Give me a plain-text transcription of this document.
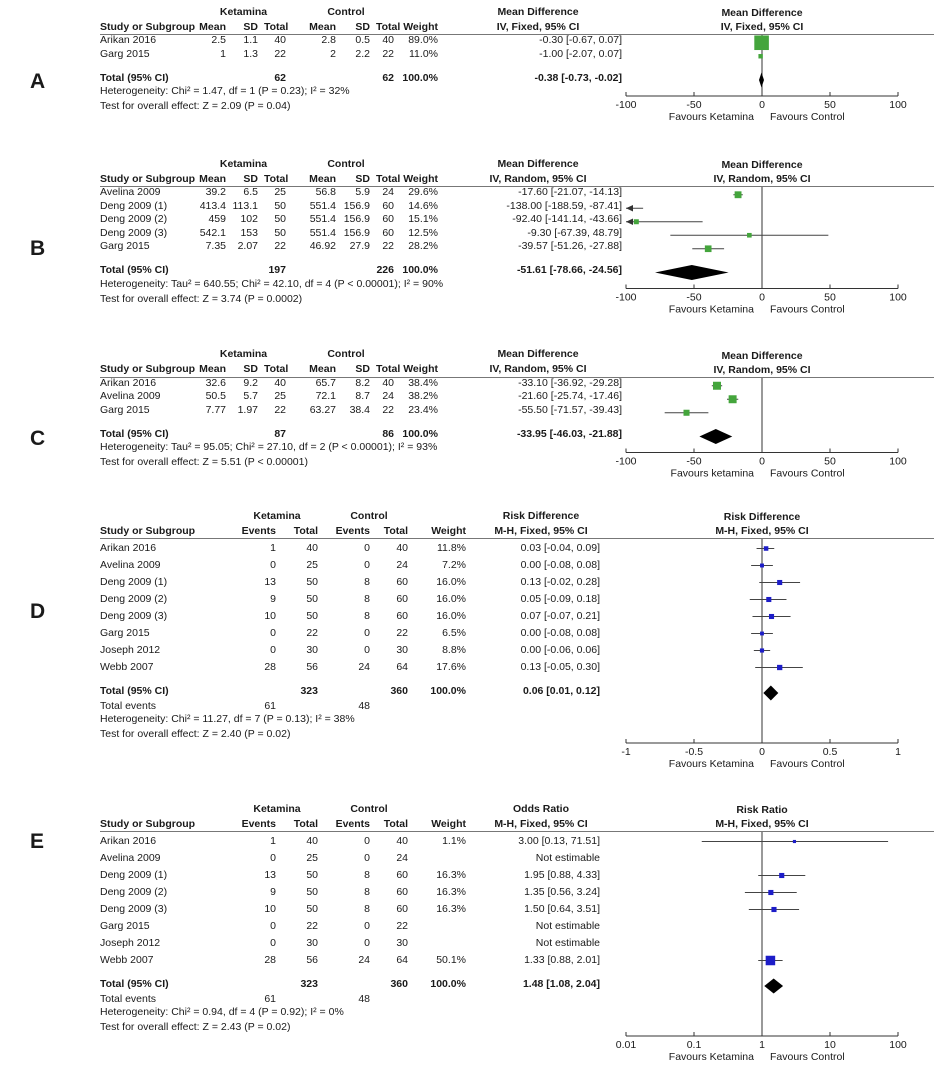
A
Ketamina	Control	Mean Difference
Study or Subgroup Mean	SD Total	Mean	SD Total Weight	IV, Fixed, 95% CI
Arikan 2016	2.5	1.1	40	2.8	0.5	40	89.0%	-0.30 [-0.67, 0.07]
Garg 2015	1	1.3	22	2	2.2	22	11.0%	-1.00 [-2.07, 0.07]
Total (95% CI)	62	62 100.0%	-0.38 [-0.73, -0.02]
Heterogeneity: Chi² = 1.47, df = 1 (P = 0.23); I² = 32%
Test for overall effect: Z = 2.09 (P = 0.04)
Mean Difference
IV, Fixed, 95% CI
-100	-50	0	50	100
Favours Ketamina Favours Control
B
Ketamina	Control	Mean Difference
Study or Subgroup Mean	SD Total	Mean	SD Total Weight	IV, Random, 95% CI
Avelina 2009	39.2	6.5	25	56.8	5.9	24	29.6%	-17.60 [-21.07, -14.13]
Deng 2009 (1)	413.4 113.1	50	551.4 156.9	60	14.6%	-138.00 [-188.59, -87.41]
Deng 2009 (2)	459	102	50	551.4 156.9	60	15.1%	-92.40 [-141.14, -43.66]
Deng 2009 (3)	542.1	153	50	551.4 156.9	60	12.5%	-9.30 [-67.39, 48.79]
Garg 2015	7.35	2.07	22	46.92	27.9	22	28.2%	-39.57 [-51.26, -27.88]
Total (95% CI)	197	226 100.0%	-51.61 [-78.66, -24.56]
Heterogeneity: Tau² = 640.55; Chi² = 42.10, df = 4 (P < 0.00001); I² = 90%
Test for overall effect: Z = 3.74 (P = 0.0002)
Mean Difference
IV, Random, 95% CI
-100	-50	0	50	100
Favours Ketamina Favours Control
C
Ketamina	Control	Mean Difference
Study or Subgroup Mean	SD Total	Mean	SD Total Weight	IV, Random, 95% CI
Arikan 2016	32.6	9.2	40	65.7	8.2	40	38.4%	-33.10 [-36.92, -29.28]
Avelina 2009	50.5	5.7	25	72.1	8.7	24	38.2%	-21.60 [-25.74, -17.46]
Garg 2015	7.77	1.97	22	63.27	38.4	22	23.4%	-55.50 [-71.57, -39.43]
Total (95% CI)	87	86 100.0%	-33.95 [-46.03, -21.88]
Heterogeneity: Tau² = 95.05; Chi² = 27.10, df = 2 (P < 0.00001); I² = 93%
Test for overall effect: Z = 5.51 (P < 0.00001)
Mean Difference
IV, Random, 95% CI
-100	-50	0	50	100
Favours ketamina Favours Control
D
Ketamina	Control	Risk Difference
Study or Subgroup	Events	Total	Events	Total	Weight	M-H, Fixed, 95% CI
Arikan 2016	1	40	0	40	11.8%	0.03 [-0.04, 0.09]
Avelina 2009	0	25	0	24	7.2%	0.00 [-0.08, 0.08]
Deng 2009 (1)	13	50	8	60	16.0%	0.13 [-0.02, 0.28]
Deng 2009 (2)	9	50	8	60	16.0%	0.05 [-0.09, 0.18]
Deng 2009 (3)	10	50	8	60	16.0%	0.07 [-0.07, 0.21]
Garg 2015	0	22	0	22	6.5%	0.00 [-0.08, 0.08]
Joseph 2012	0	30	0	30	8.8%	0.00 [-0.06, 0.06]
Webb 2007	28	56	24	64	17.6%	0.13 [-0.05, 0.30]
Total (95% CI)	323	360	100.0%	0.06 [0.01, 0.12]
Total events	61	48
Heterogeneity: Chi² = 11.27, df = 7 (P = 0.13); I² = 38%
Test for overall effect: Z = 2.40 (P = 0.02)
Risk Difference
M-H, Fixed, 95% CI
-1	-0.5	0	0.5	1
Favours Ketamina Favours Control
E
Ketamina	Control	Odds Ratio
Study or Subgroup	Events	Total	Events	Total	Weight	M-H, Fixed, 95% CI
Arikan 2016	1	40	0	40	1.1%	3.00 [0.13, 71.51]
Avelina 2009	0	25	0	24	Not estimable
Deng 2009 (1)	13	50	8	60	16.3%	1.95 [0.88, 4.33]
Deng 2009 (2)	9	50	8	60	16.3%	1.35 [0.56, 3.24]
Deng 2009 (3)	10	50	8	60	16.3%	1.50 [0.64, 3.51]
Garg 2015	0	22	0	22	Not estimable
Joseph 2012	0	30	0	30	Not estimable
Webb 2007	28	56	24	64	50.1%	1.33 [0.88, 2.01]
Total (95% CI)	323	360	100.0%	1.48 [1.08, 2.04]
Total events	61	48
Heterogeneity: Chi² = 0.94, df = 4 (P = 0.92); I² = 0%
Test for overall effect: Z = 2.43 (P = 0.02)
Risk Ratio
M-H, Fixed, 95% CI
0.01	0.1	1	10	100
Favours Ketamina Favours Control
